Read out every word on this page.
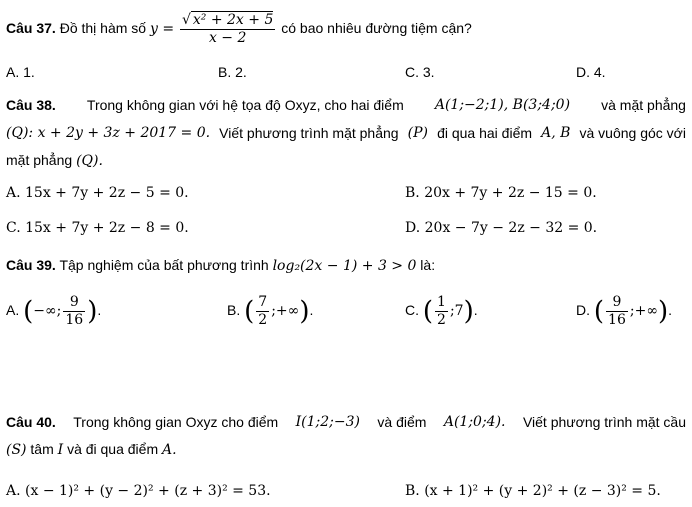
Câu 37. Đồ thị hàm số $y = \frac{\text{√ x² + 2x + 5}}{x - 2}$ có bao nhiêu đường tiệm cận?
A. 1.	B. 2.	C. 3.	D. 4.
Câu 38. Trong không gian với hệ tọa độ Oxyz, cho hai điểm A(1;−2;1), B(3;4;0) và mặt phẳng
(Q): x + 2y + 3z + 2017 = 0. Viết phương trình mặt phẳng (P) đi qua hai điểm A, B và vuông góc với
mặt phẳng (Q).
A. 15x + 7y + 2z − 5 = 0.	B. 20x + 7y + 2z − 15 = 0.
C. 15x + 7y + 2z − 8 = 0.	D. 20x − 7y − 2z − 32 = 0.
Câu 39. Tập nghiệm của bất phương trình log₂(2x − 1) + 3 > 0 là:
A. (−∞; $\frac{9}{16}$ ).	B. ( $\frac{7}{2}$ ;+∞).	C. ( $\frac{1}{2}$ ;7).	D. ( $\frac{9}{16}$ ;+∞).
Câu 40. Trong không gian Oxyz cho điểm I(1;2;−3) và điểm A(1;0;4). Viết phương trình mặt cầu
(S) tâm I và đi qua điểm A.
A. (x − 1)² + (y − 2)² + (z + 3)² = 53.	B. (x + 1)² + (y + 2)² + (z − 3)² = 5.
